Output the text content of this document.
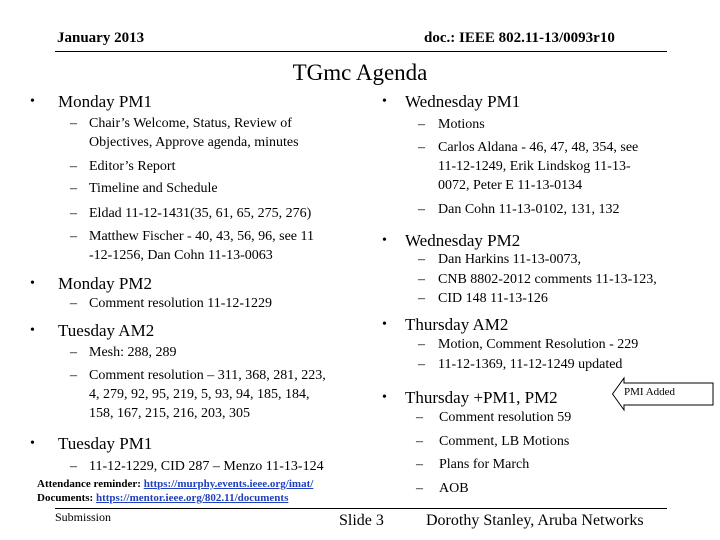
January 2013	doc.: IEEE 802.11-13/0093r10
TGmc Agenda
• Monday PM1
– Chair’s Welcome, Status, Review of
Objectives, Approve agenda, minutes
– Editor’s Report
– Timeline and Schedule
– Eldad 11-12-1431(35, 61, 65, 275, 276)
– Matthew Fischer - 40, 43, 56, 96, see 11
-12-1256, Dan Cohn 11-13-0063
• Monday PM2
– Comment resolution 11-12-1229
• Tuesday AM2
– Mesh: 288, 289
– Comment resolution – 311, 368, 281, 223,
4, 279, 92, 95, 219, 5, 93, 94, 185, 184,
158, 167, 215, 216, 203, 305
• Tuesday PM1
– 11-12-1229, CID 287 – Menzo 11-13-124
• Wednesday PM1
– Motions
– Carlos Aldana - 46, 47, 48, 354, see
11-12-1249, Erik Lindskog 11-13-
0072, Peter E 11-13-0134
– Dan Cohn 11-13-0102, 131, 132
• Wednesday PM2
– Dan Harkins 11-13-0073,
– CNB 8802-2012 comments 11-13-123,
– CID 148 11-13-126
• Thursday AM2
– Motion, Comment Resolution - 229
– 11-12-1369, 11-12-1249 updated
• Thursday +PM1, PM2
– Comment resolution 59
– Comment, LB Motions
– Plans for March
– AOB
PMI Added
Attendance reminder: https://murphy.events.ieee.org/imat/
Documents: https://mentor.ieee.org/802.11/documents
Submission	Slide 3	Dorothy Stanley, Aruba Networks
